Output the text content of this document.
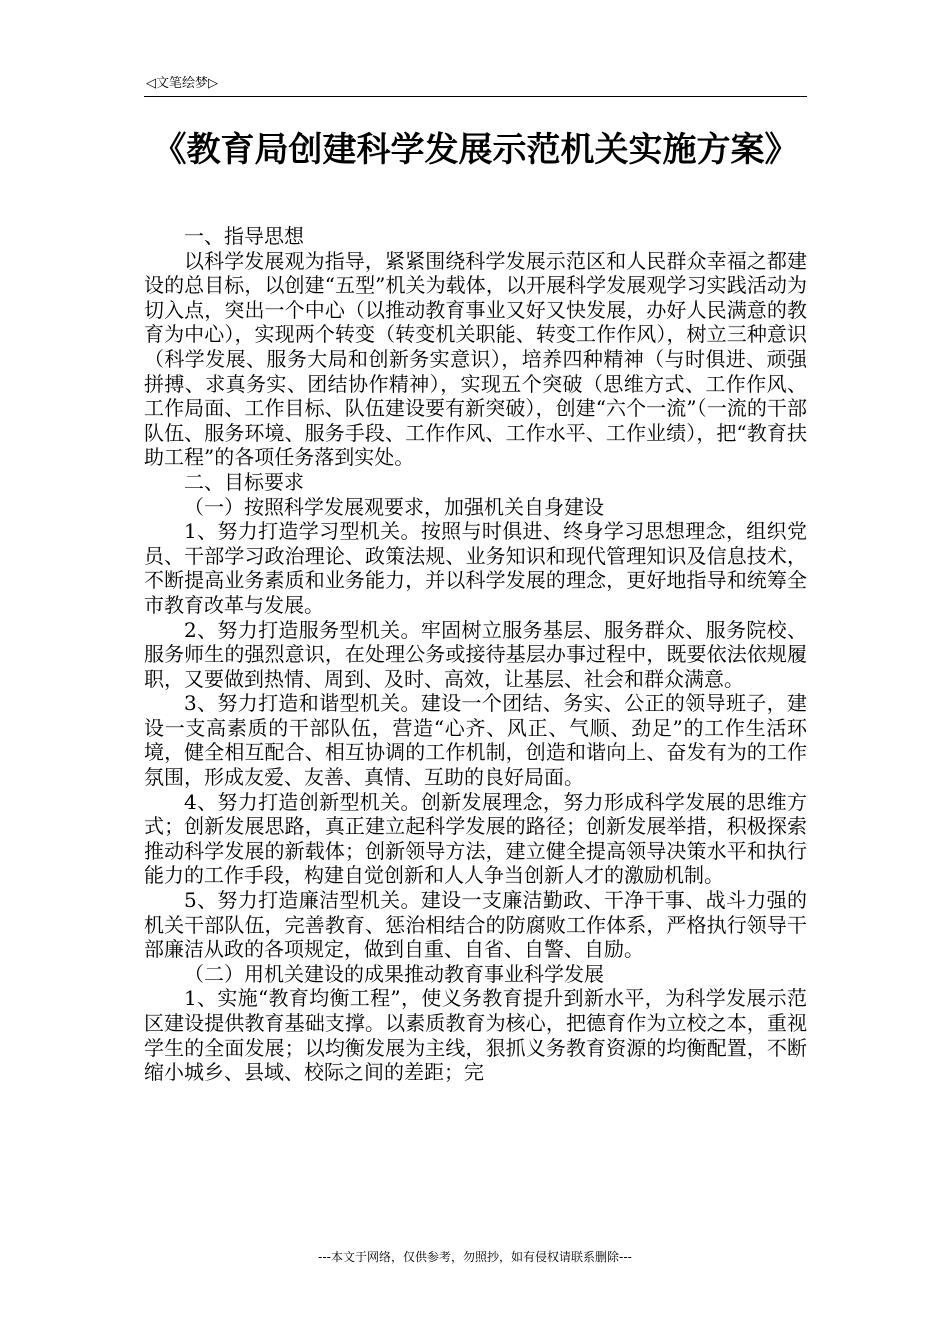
◁文笔绘梦▷
《教育局创建科学发展示范机关实施方案》

一、指导思想

以科学发展观为指导，紧紧围绕科学发展示范区和人民群众幸福之都建设的总目标，以创建“五型”机关为载体，以开展科学发展观学习实践活动为切入点，突出一个中心（以推动教育事业又好又快发展，办好人民满意的教育为中心），实现两个转变（转变机关职能、转变工作作风），树立三种意识（科学发展、服务大局和创新务实意识），培养四种精神（与时俱进、顽强拼搏、求真务实、团结协作精神），实现五个突破（思维方式、工作作风、工作局面、工作目标、队伍建设要有新突破），创建“六个一流”（一流的干部队伍、服务环境、服务手段、工作作风、工作水平、工作业绩），把“教育扶助工程”的各项任务落到实处。

二、目标要求

（一）按照科学发展观要求，加强机关自身建设

1、努力打造学习型机关。按照与时俱进、终身学习思想理念，组织党员、干部学习政治理论、政策法规、业务知识和现代管理知识及信息技术，不断提高业务素质和业务能力，并以科学发展的理念，更好地指导和统筹全市教育改革与发展。

2、努力打造服务型机关。牢固树立服务基层、服务群众、服务院校、服务师生的强烈意识，在处理公务或接待基层办事过程中，既要依法依规履职，又要做到热情、周到、及时、高效，让基层、社会和群众满意。

3、努力打造和谐型机关。建设一个团结、务实、公正的领导班子，建设一支高素质的干部队伍，营造“心齐、风正、气顺、劲足”的工作生活环境，健全相互配合、相互协调的工作机制，创造和谐向上、奋发有为的工作氛围，形成友爱、友善、真情、互助的良好局面。

4、努力打造创新型机关。创新发展理念，努力形成科学发展的思维方式；创新发展思路，真正建立起科学发展的路径；创新发展举措，积极探索推动科学发展的新载体；创新领导方法，建立健全提高领导决策水平和执行能力的工作手段，构建自觉创新和人人争当创新人才的激励机制。

5、努力打造廉洁型机关。建设一支廉洁勤政、干净干事、战斗力强的机关干部队伍，完善教育、惩治相结合的防腐败工作体系，严格执行领导干部廉洁从政的各项规定，做到自重、自省、自警、自励。

（二）用机关建设的成果推动教育事业科学发展

1、实施“教育均衡工程”，使义务教育提升到新水平，为科学发展示范区建设提供教育基础支撑。以素质教育为核心，把德育作为立校之本，重视学生的全面发展；以均衡发展为主线，狠抓义务教育资源的均衡配置，不断缩小城乡、县域、校际之间的差距；完

---本文于网络，仅供参考，勿照抄，如有侵权请联系删除---
